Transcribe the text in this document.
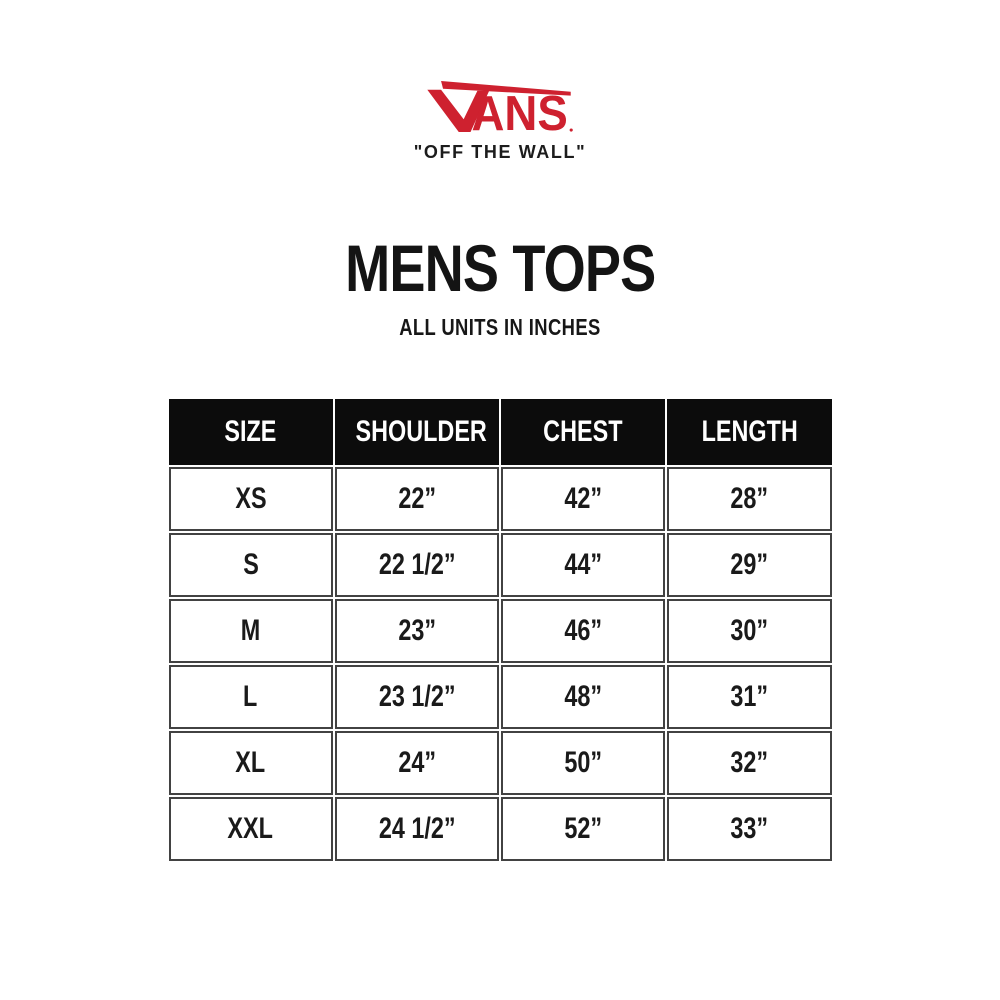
ANS
"OFF THE WALL"
MENS TOPS
ALL UNITS IN INCHES
SIZE	SHOULDER	CHEST	LENGTH
XS	22”	42”	28”
S	22 1/2”	44”	29”
M	23”	46”	30”
L	23 1/2”	48”	31”
XL	24”	50”	32”
XXL	24 1/2”	52”	33”
